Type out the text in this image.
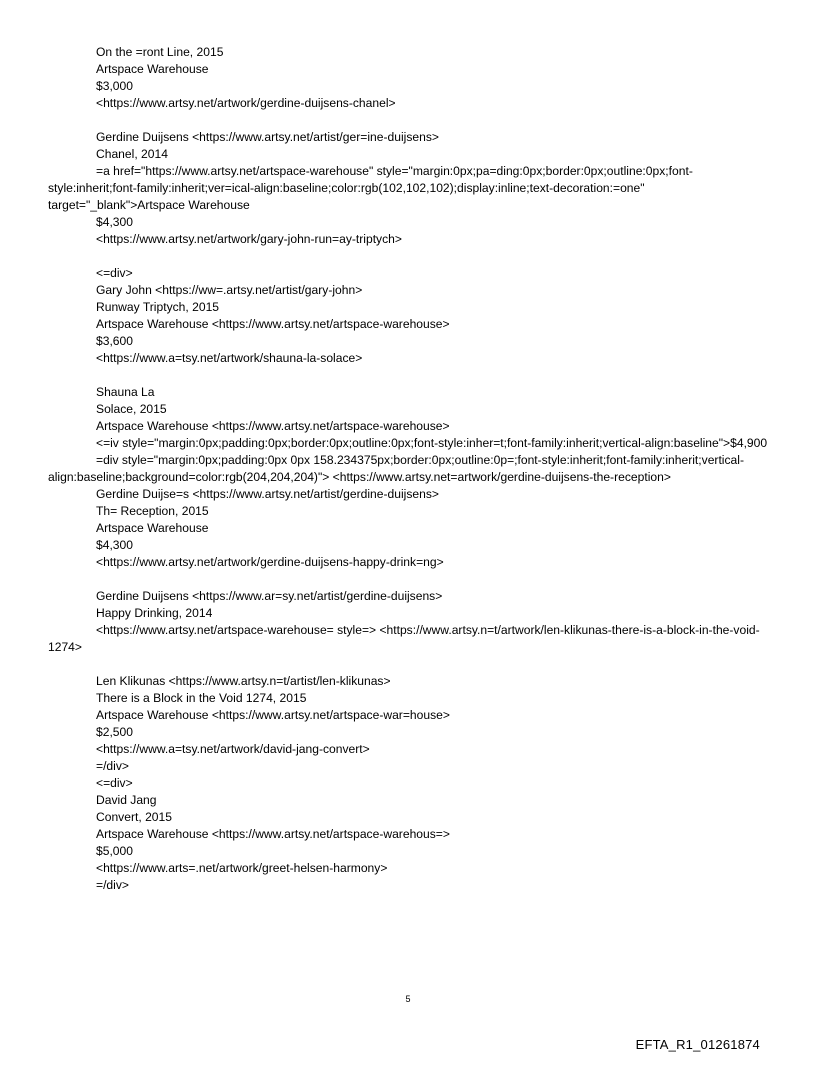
On the =ront Line, 2015

Artspace Warehouse

$3,000

<https://www.artsy.net/artwork/gerdine-duijsens-chanel>

Gerdine Duijsens <https://www.artsy.net/artist/ger=ine-duijsens>

Chanel, 2014

=a href="https://www.artsy.net/artspace-warehouse" style="margin:0px;pa=ding:0px;border:0px;outline:0px;font-style:inherit;font-family:inherit;ver=ical-align:baseline;color:rgb(102,102,102);display:inline;text-decoration:=one" target="_blank">Artspace Warehouse

$4,300

<https://www.artsy.net/artwork/gary-john-run=ay-triptych>

<=div>

Gary John <https://ww=.artsy.net/artist/gary-john>

Runway Triptych, 2015

Artspace Warehouse <https://www.artsy.net/artspace-warehouse>

$3,600

<https://www.a=tsy.net/artwork/shauna-la-solace>

Shauna La

Solace, 2015

Artspace Warehouse <https://www.artsy.net/artspace-warehouse>

<=iv style="margin:0px;padding:0px;border:0px;outline:0px;font-style:inher=t;font-family:inherit;vertical-align:baseline">$4,900

=div style="margin:0px;padding:0px 0px 158.234375px;border:0px;outline:0p=;font-style:inherit;font-family:inherit;vertical-align:baseline;background=color:rgb(204,204,204)"> <https://www.artsy.net=artwork/gerdine-duijsens-the-reception>

Gerdine Duijse=s <https://www.artsy.net/artist/gerdine-duijsens>

Th= Reception, 2015

Artspace Warehouse

$4,300

<https://www.artsy.net/artwork/gerdine-duijsens-happy-drink=ng>

Gerdine Duijsens <https://www.ar=sy.net/artist/gerdine-duijsens>

Happy Drinking, 2014

<https://www.artsy.net/artspace-warehouse= style=> <https://www.artsy.n=t/artwork/len-klikunas-there-is-a-block-in-the-void-1274>

Len Klikunas <https://www.artsy.n=t/artist/len-klikunas>

There is a Block in the Void 1274, 2015

Artspace Warehouse <https://www.artsy.net/artspace-war=house>

$2,500

<https://www.a=tsy.net/artwork/david-jang-convert>

=/div>

<=div>

David Jang

Convert, 2015

Artspace Warehouse <https://www.artsy.net/artspace-warehous=>

$5,000

<https://www.arts=.net/artwork/greet-helsen-harmony>

=/div>

5
EFTA_R1_01261874
